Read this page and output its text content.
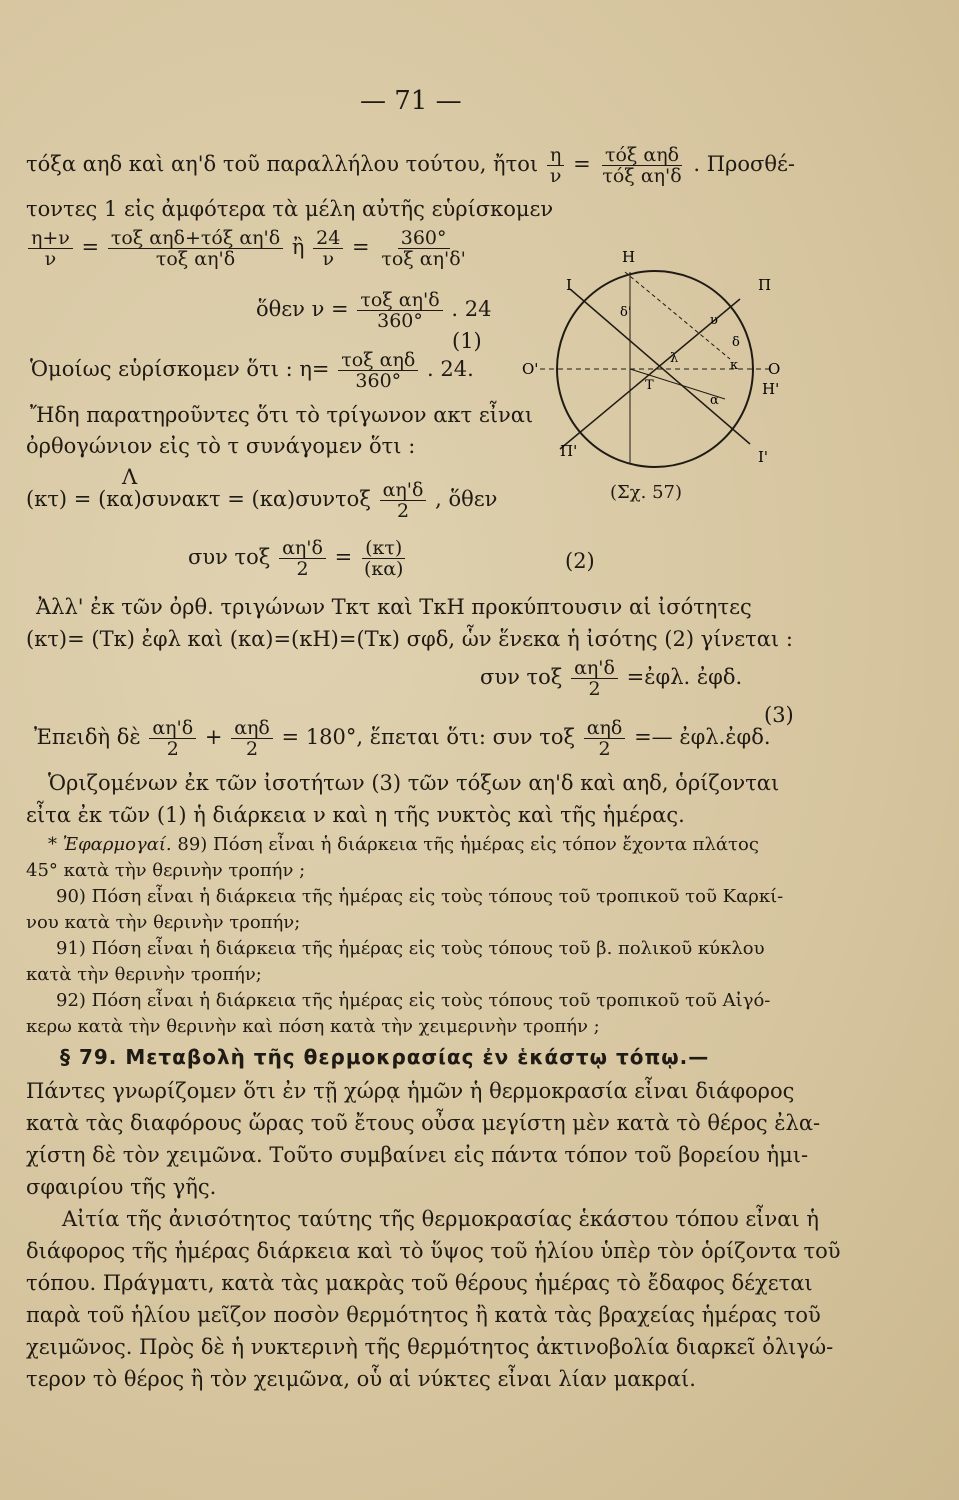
— 71 —
τόξα αηδ καὶ αη'δ τοῦ παραλλήλου τούτου, ἤτοι $\frac{\eta}{\nu} = \frac{\text{τόξ αηδ}}{\text{τόξ αη'δ}}$ . Προσθέ-
τοντες 1 εἰς ἀμφότερα τὰ μέλη αὐτῆς εὑρίσκομεν
$\frac{\eta+\nu}{\nu} = \frac{\text{τοξ αηδ+τόξ αη'δ}}{\text{τοξ αη'δ}}$ ἢ $\frac{24}{\nu} = \frac{360^\circ}{\text{τοξ αη'δ'}}$
ὅθεν $\nu = \frac{\text{τοξ αη'δ}}{360^\circ}$ . 24
(1)
Ὁμοίως εὑρίσκομεν ὅτι : $\eta= \frac{\text{τοξ αηδ}}{360^\circ}$ . 24.
Ἤδη παρατηροῦντες ὅτι τὸ τρίγωνον ακτ εἶναι
ὀρθογώνιον εἰς τὸ τ συνάγομεν ὅτι :
Λ
$(\kappa\tau) = (\kappa\alpha)\sigma\upsilon\nu\alpha\kappa\tau = (\kappa\alpha)\sigma\upsilon\nu\tau o\xi \frac{\alpha\eta'\delta}{2}$ , ὅθεν
συν τοξ $\frac{\alpha\eta'\delta}{2} = \frac{(\kappa\tau)}{(\kappa\alpha)}$	(2)
Ἀλλ' ἐκ τῶν ὀρθ. τριγώνων Τκτ καὶ ΤκΗ προκύπτουσιν αἱ ἰσότητες
(κτ)= (Τκ) ἐφλ καὶ (κα)=(κΗ)=(Τκ) σφδ, ὧν ἕνεκα ἡ ἰσότης (2) γίνεται :
συν τοξ $\frac{\alpha\eta'\delta}{2}$ =ἐφλ. ἐφδ.
(3)
Ἐπειδὴ δὲ $\frac{\alpha\eta'\delta}{2} + \frac{\text{αηδ}}{2} = 180^\circ$, ἕπεται ὅτι: συν τοξ $\frac{\text{αηδ}}{2}$ =— ἐφλ.ἐφδ.
Ὁριζομένων ἐκ τῶν ἰσοτήτων (3) τῶν τόξων αη'δ καὶ αηδ, ὁρίζονται
εἶτα ἐκ τῶν (1) ἡ διάρκεια ν καὶ η τῆς νυκτὸς καὶ τῆς ἡμέρας.
* Ἐφαρμογαί. 89) Πόση εἶναι ἡ διάρκεια τῆς ἡμέρας εἰς τόπον ἔχοντα πλάτος
45° κατὰ τὴν θερινὴν τροπήν ;
90) Πόση εἶναι ἡ διάρκεια τῆς ἡμέρας εἰς τοὺς τόπους τοῦ τροπικοῦ τοῦ Καρκί-
νου κατὰ τὴν θερινὴν τροπήν;
91) Πόση εἶναι ἡ διάρκεια τῆς ἡμέρας εἰς τοὺς τόπους τοῦ β. πολικοῦ κύκλου
κατὰ τὴν θερινὴν τροπήν;
92) Πόση εἶναι ἡ διάρκεια τῆς ἡμέρας εἰς τοὺς τόπους τοῦ τροπικοῦ τοῦ Αἰγό-
κερω κατὰ τὴν θερινὴν καὶ πόση κατὰ τὴν χειμερινὴν τροπήν ;
§ 79. Μεταβολὴ τῆς θερμοκρασίας ἐν ἑκάστῳ τόπῳ.—
Πάντες γνωρίζομεν ὅτι ἐν τῇ χώρᾳ ἡμῶν ἡ θερμοκρασία εἶναι διάφορος
κατὰ τὰς διαφόρους ὥρας τοῦ ἔτους οὖσα μεγίστη μὲν κατὰ τὸ θέρος ἐλα-
χίστη δὲ τὸν χειμῶνα. Τοῦτο συμβαίνει εἰς πάντα τόπον τοῦ βορείου ἡμι-
σφαιρίου τῆς γῆς.
Αἰτία τῆς ἀνισότητος ταύτης τῆς θερμοκρασίας ἑκάστου τόπου εἶναι ἡ
διάφορος τῆς ἡμέρας διάρκεια καὶ τὸ ὕψος τοῦ ἡλίου ὑπὲρ τὸν ὁρίζοντα τοῦ
τόπου. Πράγματι, κατὰ τὰς μακρὰς τοῦ θέρους ἡμέρας τὸ ἔδαφος δέχεται
παρὰ τοῦ ἡλίου μεῖζον ποσὸν θερμότητος ἢ κατὰ τὰς βραχείας ἡμέρας τοῦ
χειμῶνος. Πρὸς δὲ ἡ νυκτερινὴ τῆς θερμότητος ἀκτινοβολία διαρκεῖ ὀλιγώ-
τερον τὸ θέρος ἢ τὸν χειμῶνα, οὗ αἱ νύκτες εἶναι λίαν μακραί.
Η
Ι	Π
Ο
Ο'
Η'
Ι'
Π'
δ
δ'
υ
λ	κ
Τ
α
(Σχ. 57)
